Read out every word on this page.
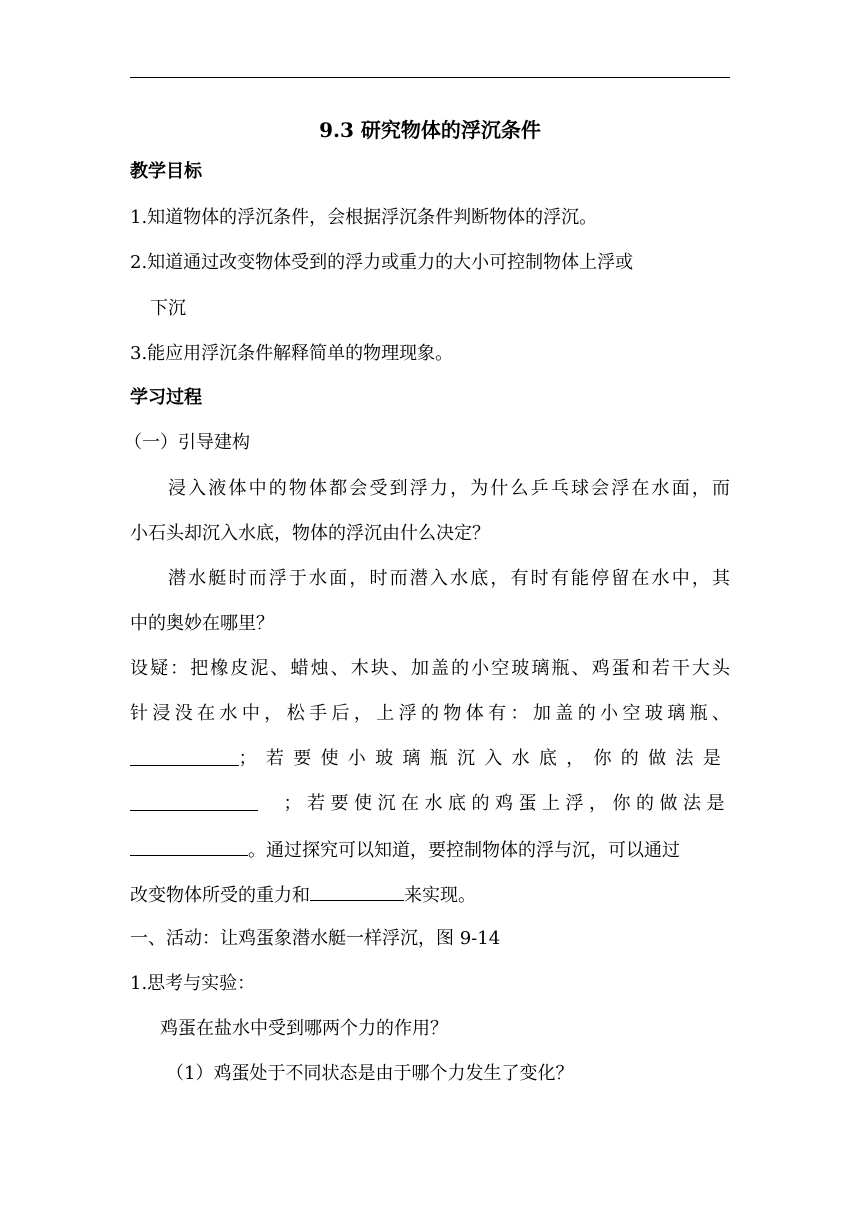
9.3 研究物体的浮沉条件
教学目标
1.知道物体的浮沉条件，会根据浮沉条件判断物体的浮沉。
2.知道通过改变物体受到的浮力或重力的大小可控制物体上浮或
下沉
3.能应用浮沉条件解释简单的物理现象。
学习过程
（一）引导建构
浸入液体中的物体都会受到浮力，为什么乒乓球会浮在水面，而
小石头却沉入水底，物体的浮沉由什么决定？
潜水艇时而浮于水面，时而潜入水底，有时有能停留在水中，其
中的奥妙在哪里？
设疑：把橡皮泥、蜡烛、木块、加盖的小空玻璃瓶、鸡蛋和若干大头
针浸没在水中，松手后，上浮的物体有：加盖的小空玻璃瓶、
；若要使小玻璃瓶沉入水底，你的做法是
；若要使沉在水底的鸡蛋上浮，你的做法是
。通过探究可以知道，要控制物体的浮与沉，可以通过
改变物体所受的重力和	来实现。
一、活动：让鸡蛋象潜水艇一样浮沉，图 9-14
1.思考与实验：
鸡蛋在盐水中受到哪两个力的作用？
（1）鸡蛋处于不同状态是由于哪个力发生了变化？
